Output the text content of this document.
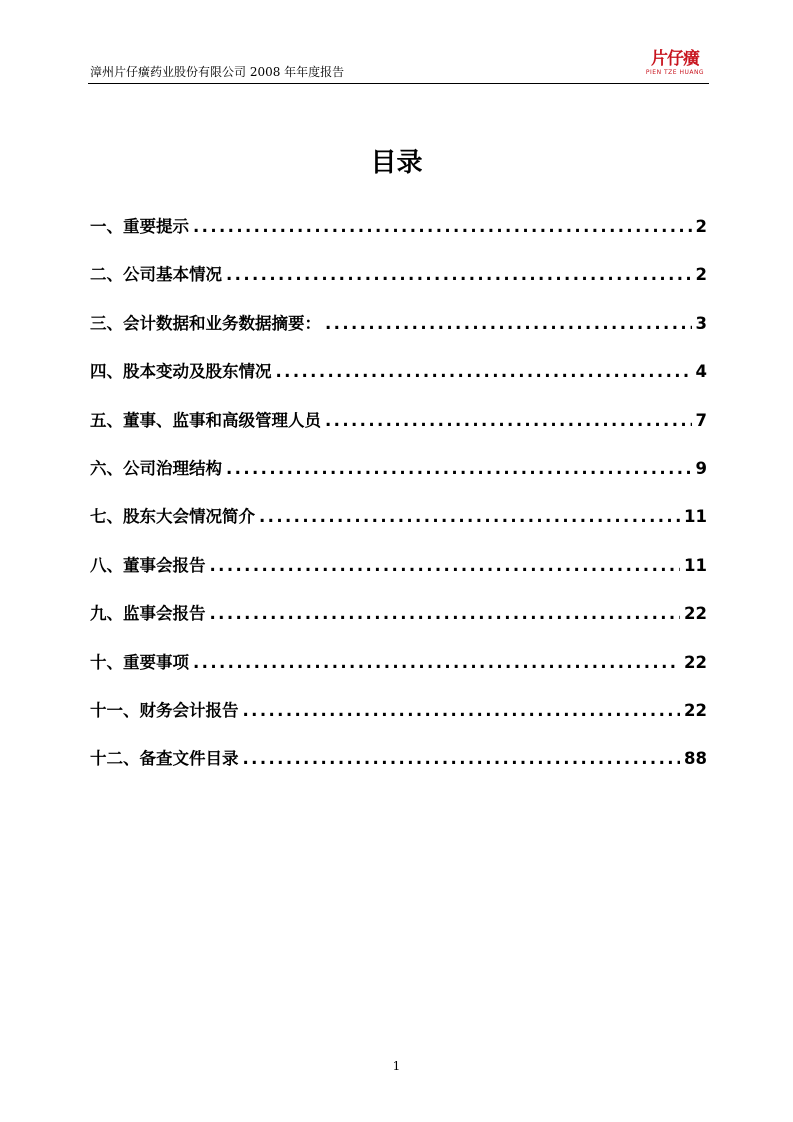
漳州片仔癀药业股份有限公司 2008 年年度报告
片仔癀
PIEN TZE HUANG
目录
一、重要提示 .....	2
二、公司基本情况 .....	2
三、会计数据和业务数据摘要： .....	3
四、股本变动及股东情况 .....	4
五、董事、监事和高级管理人员 .....	7
六、公司治理结构 .....	9
七、股东大会情况简介 .....	11
八、董事会报告 .....	11
九、监事会报告 .....	22
十、重要事项 .....	22
十一、财务会计报告 .....	22
十二、备查文件目录 .....	88
1
